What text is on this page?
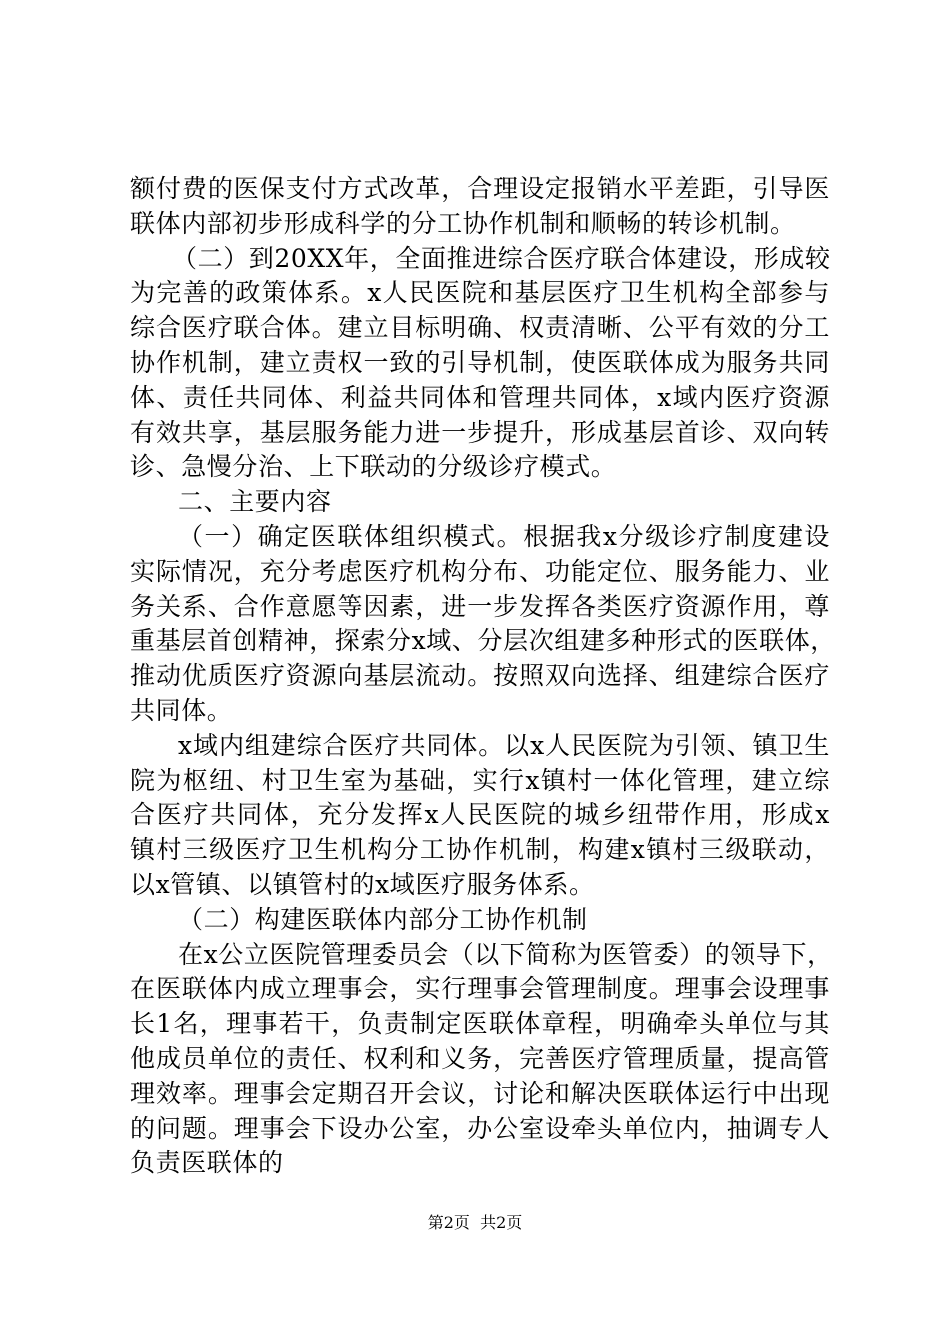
额付费的医保支付方式改革，合理设定报销水平差距，引导医
联体内部初步形成科学的分工协作机制和顺畅的转诊机制。
（二）到20XX年，全面推进综合医疗联合体建设，形成较
为完善的政策体系。x人民医院和基层医疗卫生机构全部参与
综合医疗联合体。建立目标明确、权责清晰、公平有效的分工
协作机制，建立责权一致的引导机制，使医联体成为服务共同
体、责任共同体、利益共同体和管理共同体，x域内医疗资源
有效共享，基层服务能力进一步提升，形成基层首诊、双向转
诊、急慢分治、上下联动的分级诊疗模式。
二、主要内容
（一）确定医联体组织模式。根据我x分级诊疗制度建设
实际情况，充分考虑医疗机构分布、功能定位、服务能力、业
务关系、合作意愿等因素，进一步发挥各类医疗资源作用，尊
重基层首创精神，探索分x域、分层次组建多种形式的医联体，
推动优质医疗资源向基层流动。按照双向选择、组建综合医疗
共同体。
x域内组建综合医疗共同体。以x人民医院为引领、镇卫生
院为枢纽、村卫生室为基础，实行x镇村一体化管理，建立综
合医疗共同体，充分发挥x人民医院的城乡纽带作用，形成x
镇村三级医疗卫生机构分工协作机制，构建x镇村三级联动，
以x管镇、以镇管村的x域医疗服务体系。
（二）构建医联体内部分工协作机制
在x公立医院管理委员会（以下简称为医管委）的领导下，
在医联体内成立理事会，实行理事会管理制度。理事会设理事
长1名，理事若干，负责制定医联体章程，明确牵头单位与其
他成员单位的责任、权利和义务，完善医疗管理质量，提高管
理效率。理事会定期召开会议，讨论和解决医联体运行中出现
的问题。理事会下设办公室，办公室设牵头单位内，抽调专人
负责医联体的
第2页  共2页
